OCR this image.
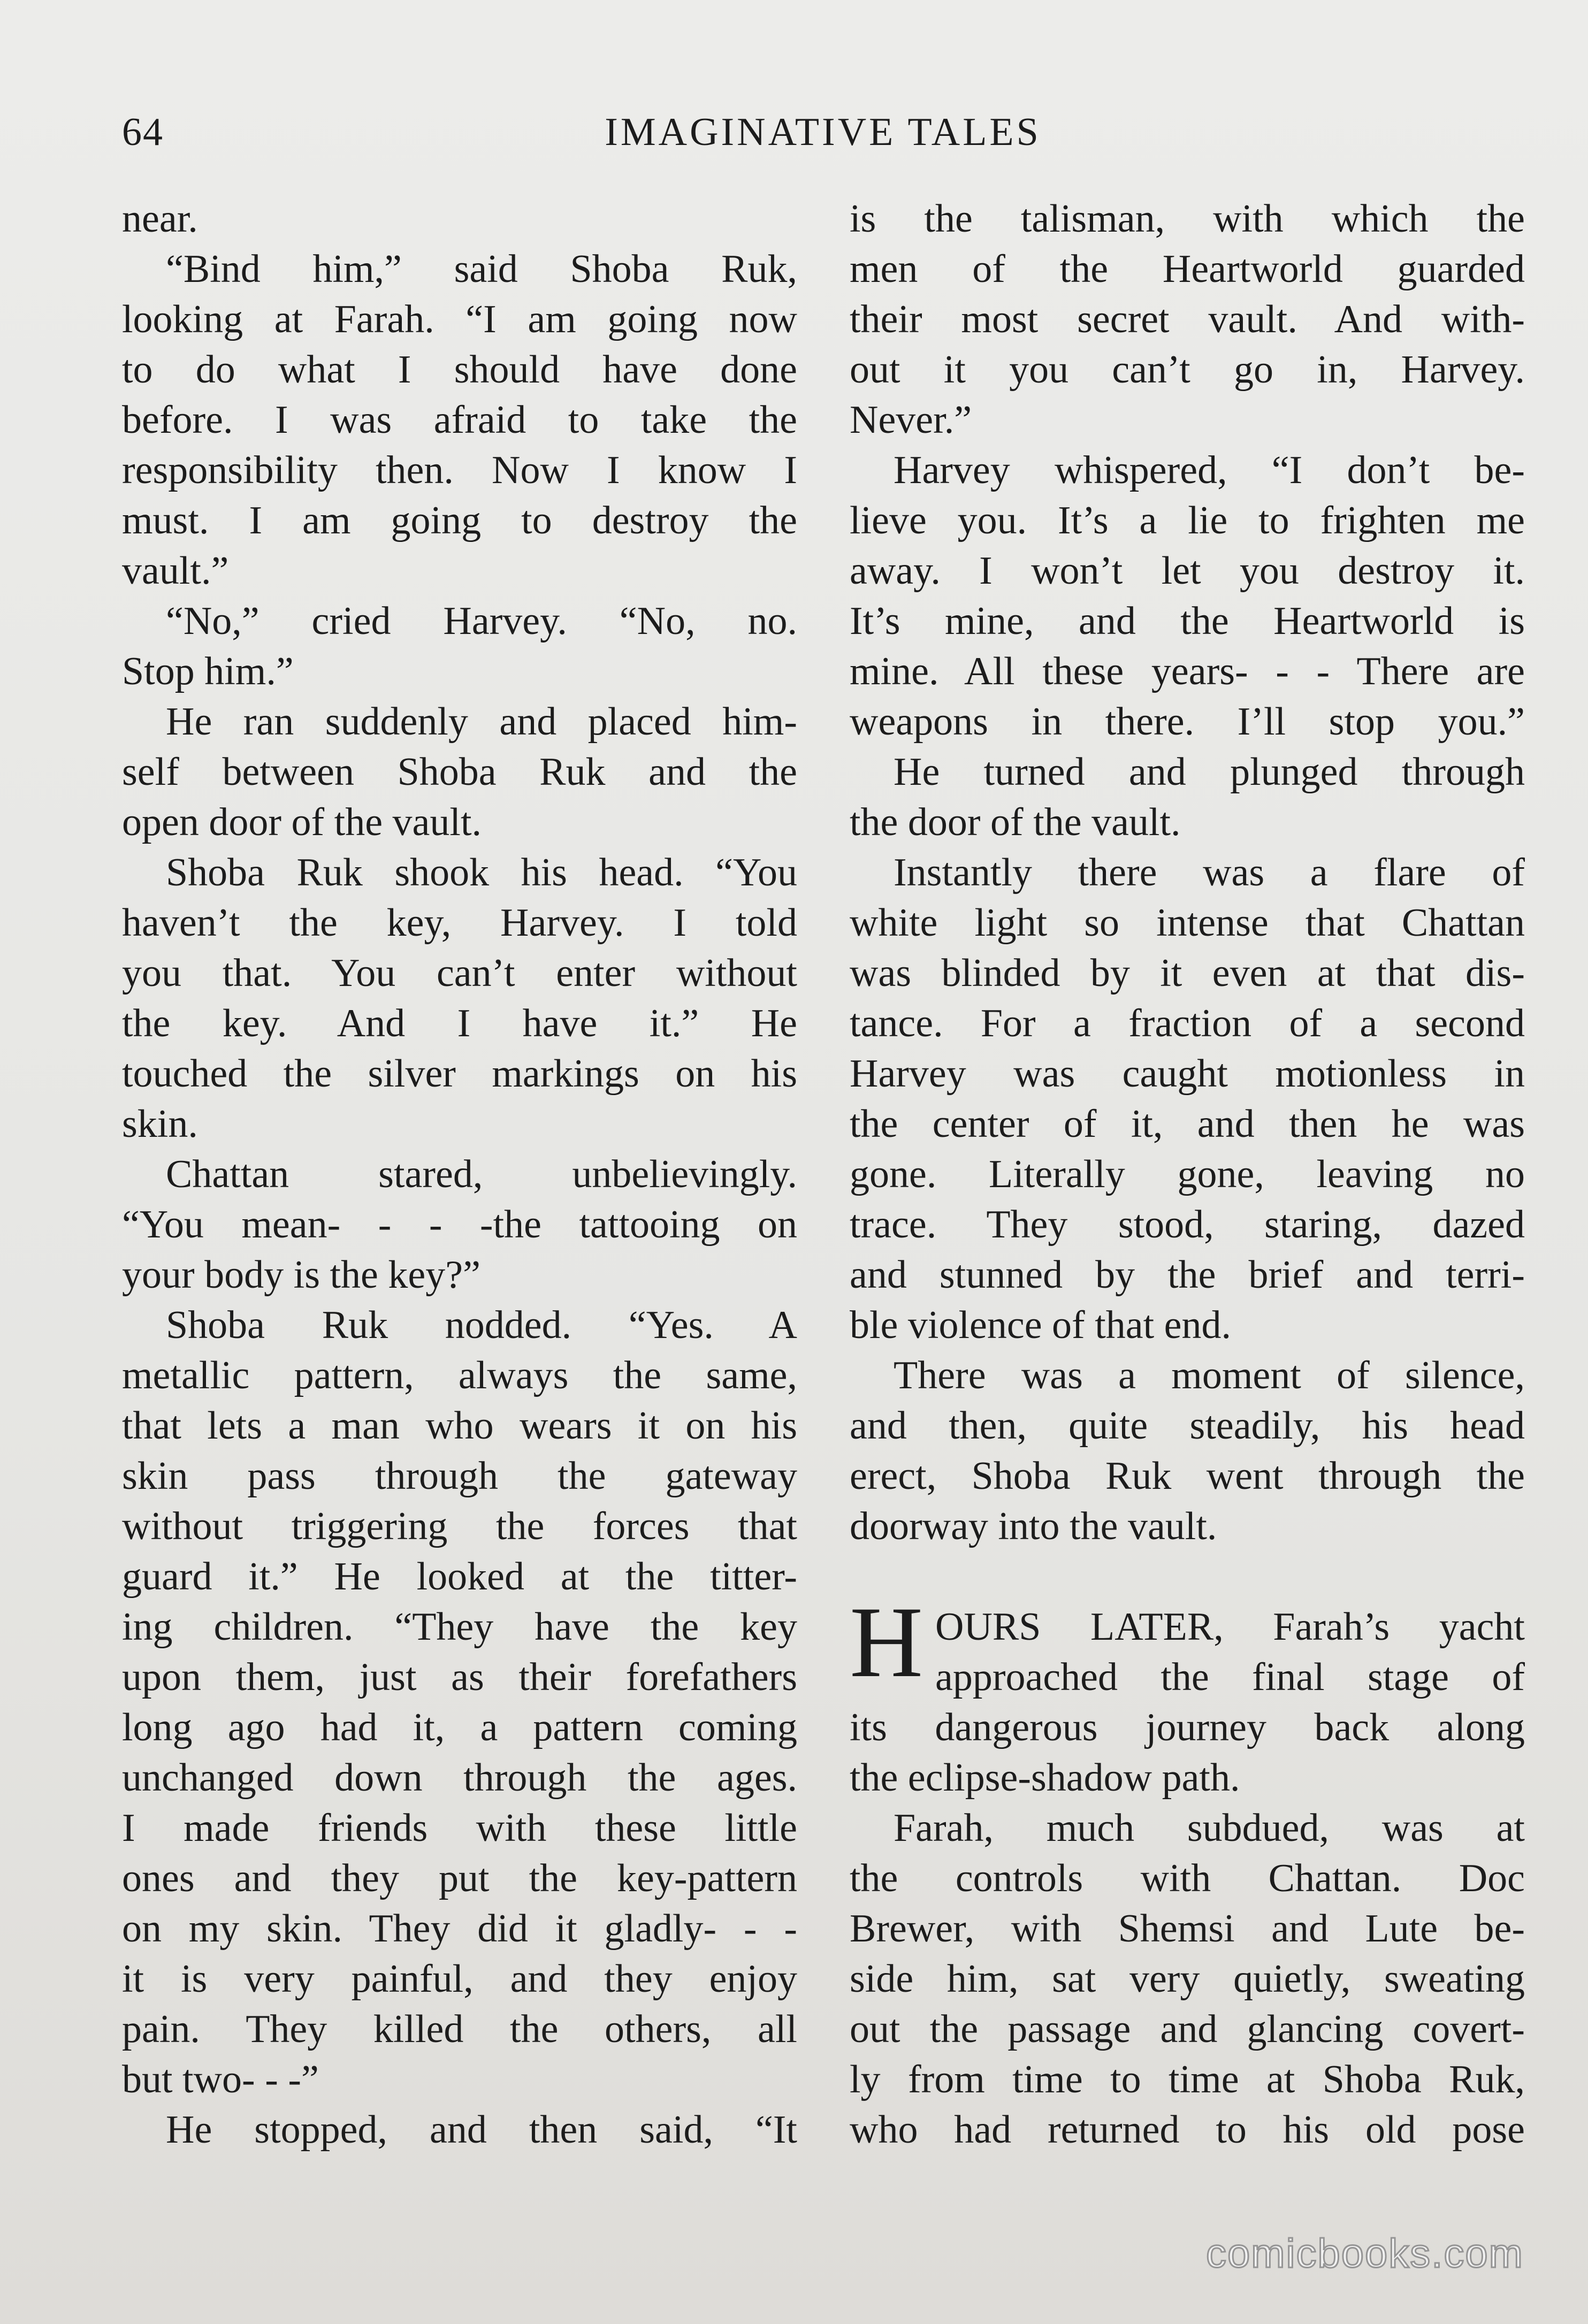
64	IMAGINATIVE TALES
near.
“Bind him,” said Shoba Ruk,
looking at Farah. “I am going now
to do what I should have done
before. I was afraid to take the
responsibility then. Now I know I
must. I am going to destroy the
vault.”
“No,” cried Harvey. “No, no.
Stop him.”
He ran suddenly and placed him-
self between Shoba Ruk and the
open door of the vault.
Shoba Ruk shook his head. “You
haven’t the key, Harvey. I told
you that. You can’t enter without
the key. And I have it.” He
touched the silver markings on his
skin.
Chattan stared, unbelievingly.
“You mean- - - -the tattooing on
your body is the key?”
Shoba Ruk nodded. “Yes. A
metallic pattern, always the same,
that lets a man who wears it on his
skin pass through the gateway
without triggering the forces that
guard it.” He looked at the titter-
ing children. “They have the key
upon them, just as their forefathers
long ago had it, a pattern coming
unchanged down through the ages.
I made friends with these little
ones and they put the key-pattern
on my skin. They did it gladly- - -
it is very painful, and they enjoy
pain. They killed the others, all
but two- - -”
He stopped, and then said, “It
is the talisman, with which the
men of the Heartworld guarded
their most secret vault. And with-
out it you can’t go in, Harvey.
Never.”
Harvey whispered, “I don’t be-
lieve you. It’s a lie to frighten me
away. I won’t let you destroy it.
It’s mine, and the Heartworld is
mine. All these years- - - There are
weapons in there. I’ll stop you.”
He turned and plunged through
the door of the vault.
Instantly there was a flare of
white light so intense that Chattan
was blinded by it even at that dis-
tance. For a fraction of a second
Harvey was caught motionless in
the center of it, and then he was
gone. Literally gone, leaving no
trace. They stood, staring, dazed
and stunned by the brief and terri-
ble violence of that end.
There was a moment of silence,
and then, quite steadily, his head
erect, Shoba Ruk went through the
doorway into the vault.
H OURS LATER, Farah’s yacht
approached the final stage of
its dangerous journey back along
the eclipse-shadow path.
Farah, much subdued, was at
the controls with Chattan. Doc
Brewer, with Shemsi and Lute be-
side him, sat very quietly, sweating
out the passage and glancing covert-
ly from time to time at Shoba Ruk,
who had returned to his old pose
comicbooks.com
